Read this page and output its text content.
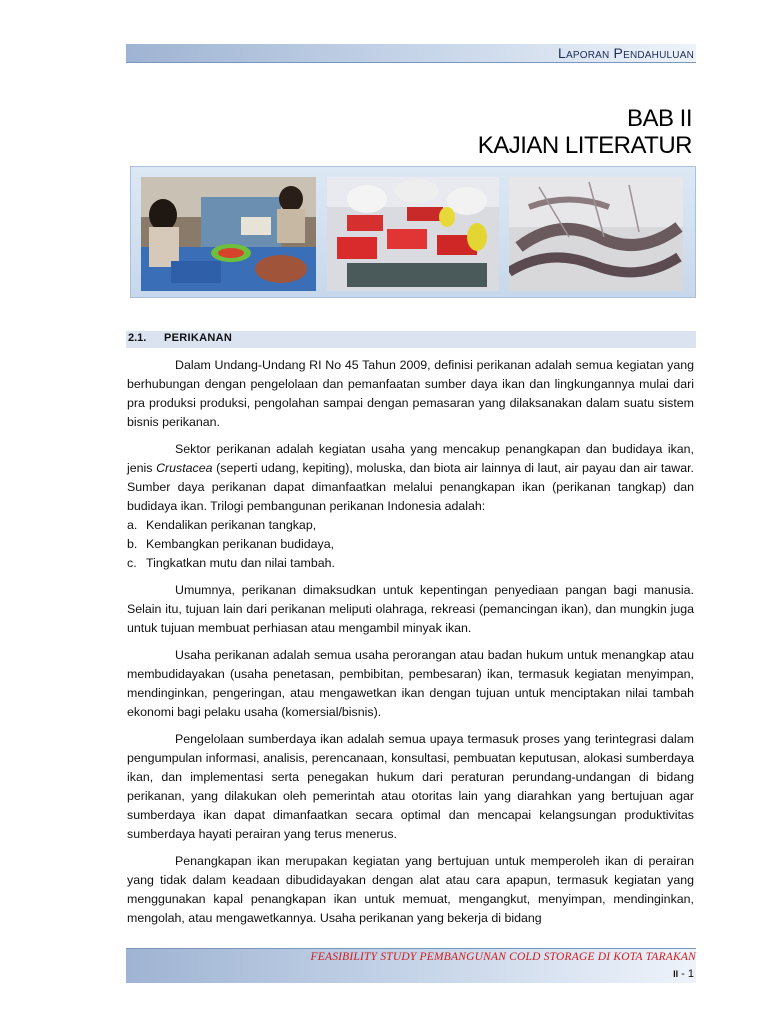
Laporan Pendahuluan
BAB II
KAJIAN LITERATUR
2.1. PERIKANAN

Dalam Undang-Undang RI No 45 Tahun 2009, definisi perikanan adalah semua kegiatan yang berhubungan dengan pengelolaan dan pemanfaatan sumber daya ikan dan lingkungannya mulai dari pra produksi produksi, pengolahan sampai dengan pemasaran yang dilaksanakan dalam suatu sistem bisnis perikanan.

Sektor perikanan adalah kegiatan usaha yang mencakup penangkapan dan budidaya ikan, jenis Crustacea (seperti udang, kepiting), moluska, dan biota air lainnya di laut, air payau dan air tawar. Sumber daya perikanan dapat dimanfaatkan melalui penangkapan ikan (perikanan tangkap) dan budidaya ikan. Trilogi pembangunan perikanan Indonesia adalah:

a. Kendalikan perikanan tangkap,
b. Kembangkan perikanan budidaya,
c. Tingkatkan mutu dan nilai tambah.

Umumnya, perikanan dimaksudkan untuk kepentingan penyediaan pangan bagi manusia. Selain itu, tujuan lain dari perikanan meliputi olahraga, rekreasi (pemancingan ikan), dan mungkin juga untuk tujuan membuat perhiasan atau mengambil minyak ikan.

Usaha perikanan adalah semua usaha perorangan atau badan hukum untuk menangkap atau membudidayakan (usaha penetasan, pembibitan, pembesaran) ikan, termasuk kegiatan menyimpan, mendinginkan, pengeringan, atau mengawetkan ikan dengan tujuan untuk menciptakan nilai tambah ekonomi bagi pelaku usaha (komersial/bisnis).

Pengelolaan sumberdaya ikan adalah semua upaya termasuk proses yang terintegrasi dalam pengumpulan informasi, analisis, perencanaan, konsultasi, pembuatan keputusan, alokasi sumberdaya ikan, dan implementasi serta penegakan hukum dari peraturan perundang-undangan di bidang perikanan, yang dilakukan oleh pemerintah atau otoritas lain yang diarahkan yang bertujuan agar sumberdaya ikan dapat dimanfaatkan secara optimal dan mencapai kelangsungan produktivitas sumberdaya hayati perairan yang terus menerus.

Penangkapan ikan merupakan kegiatan yang bertujuan untuk memperoleh ikan di perairan yang tidak dalam keadaan dibudidayakan dengan alat atau cara apapun, termasuk kegiatan yang menggunakan kapal penangkapan ikan untuk memuat, mengangkut, menyimpan, mendinginkan, mengolah, atau mengawetkannya. Usaha perikanan yang bekerja di bidang

FEASIBILITY STUDY PEMBANGUNAN COLD STORAGE DI KOTA TARAKAN
II - 1
